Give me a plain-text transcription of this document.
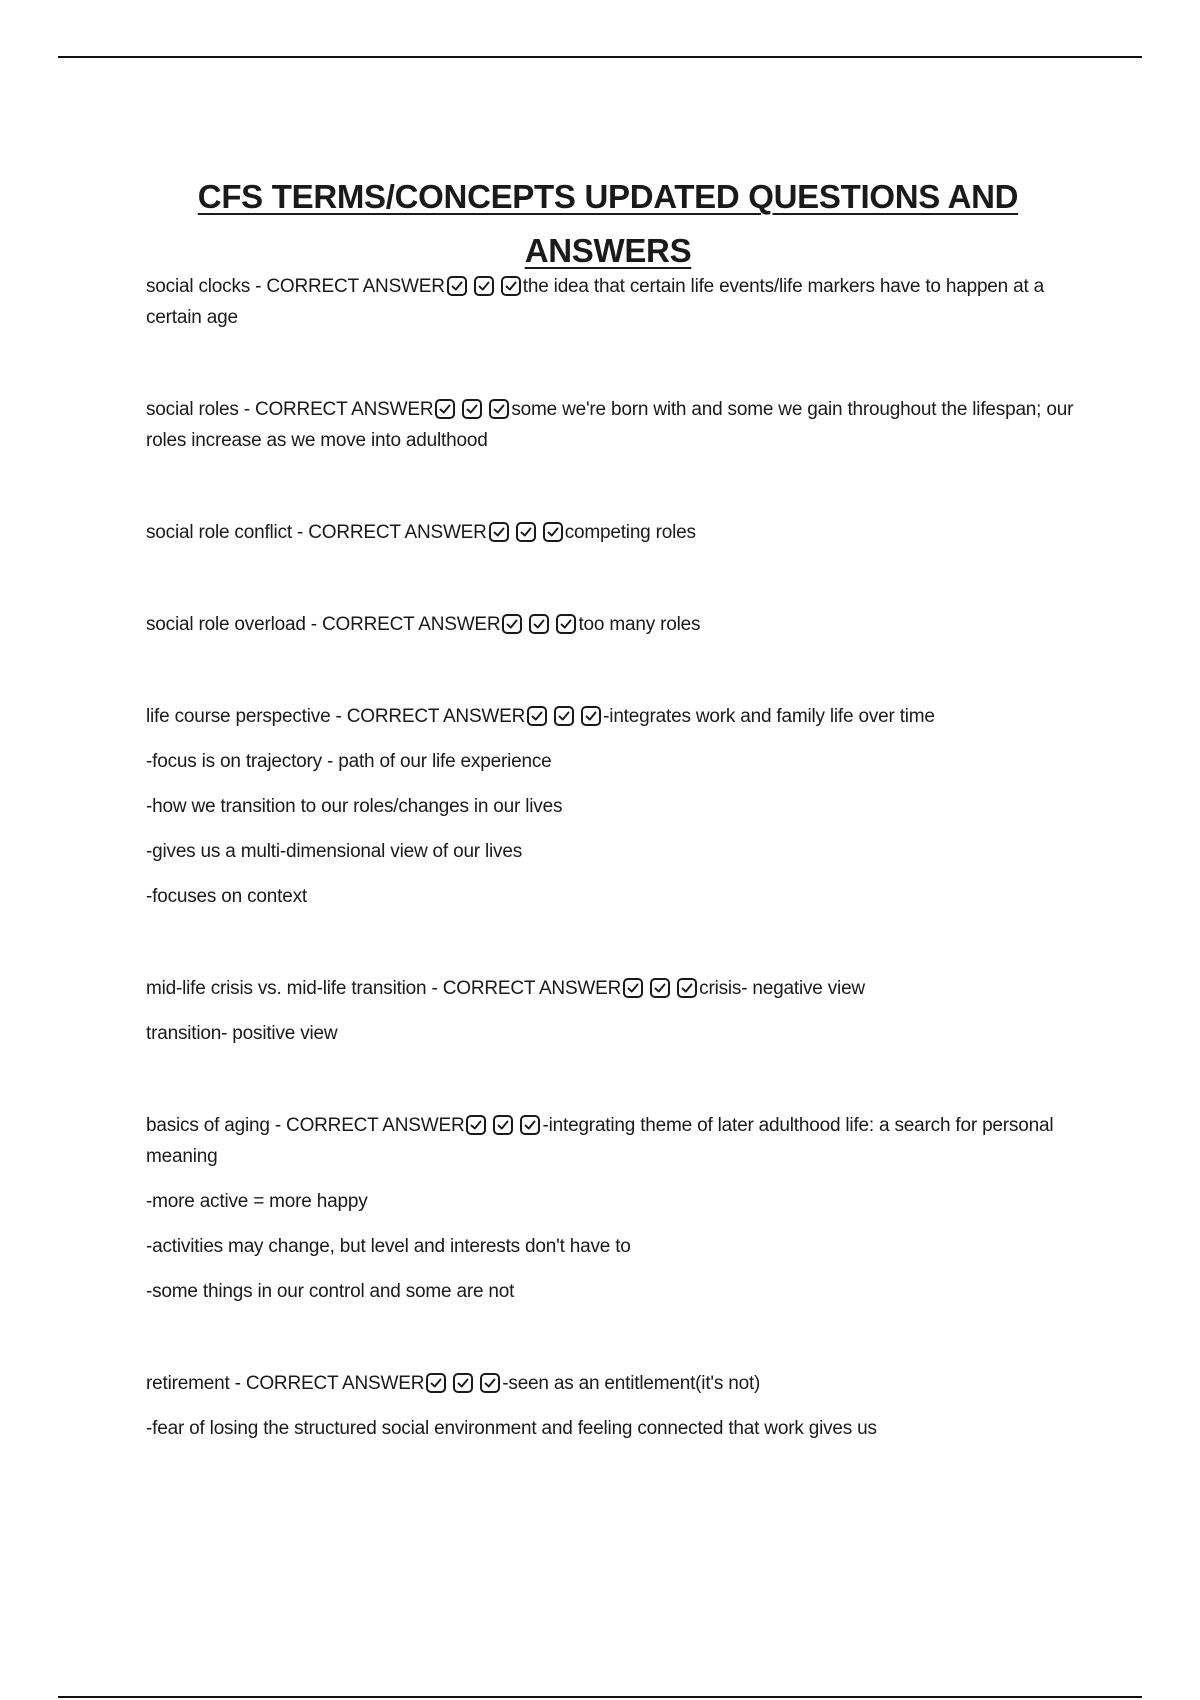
CFS TERMS/CONCEPTS UPDATED QUESTIONS AND ANSWERS

social clocks - CORRECT ANSWER	the idea that certain life events/life markers have to happen at a certain age

social roles - CORRECT ANSWER	some we're born with and some we gain throughout the lifespan; our roles increase as we move into adulthood

social role conflict - CORRECT ANSWER	competing roles

social role overload - CORRECT ANSWER	too many roles

life course perspective - CORRECT ANSWER	-integrates work and family life over time

-focus is on trajectory - path of our life experience

-how we transition to our roles/changes in our lives

-gives us a multi-dimensional view of our lives

-focuses on context

mid-life crisis vs. mid-life transition - CORRECT ANSWER	crisis- negative view

transition- positive view

basics of aging - CORRECT ANSWER	-integrating theme of later adulthood life: a search for personal meaning

-more active = more happy

-activities may change, but level and interests don't have to

-some things in our control and some are not

retirement - CORRECT ANSWER	-seen as an entitlement(it's not)

-fear of losing the structured social environment and feeling connected that work gives us
